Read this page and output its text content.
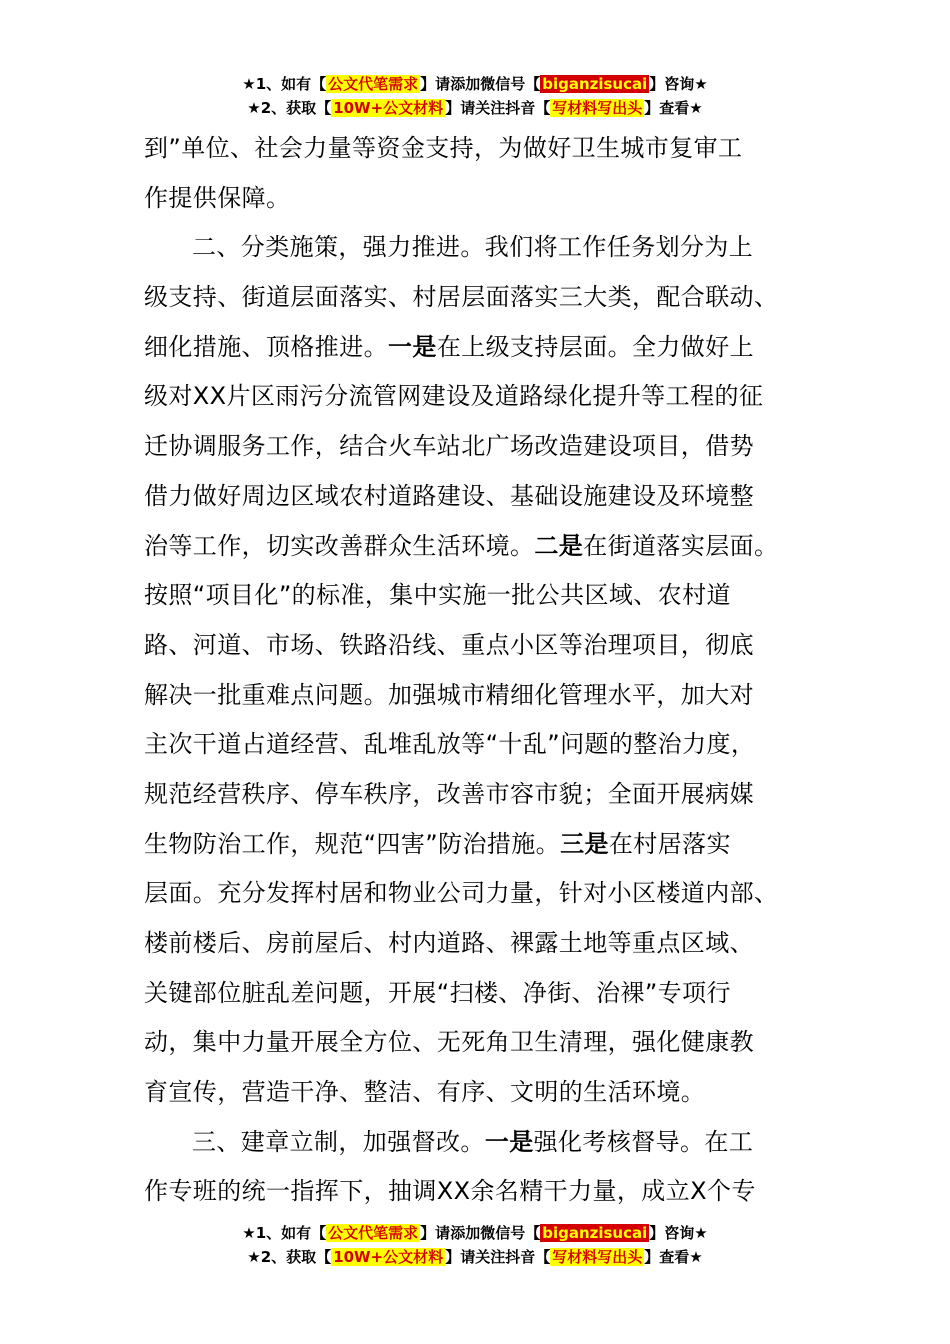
★1、如有【 公文代笔需求 】请添加微信号【 biganzisucai 】咨询★
★2、获取【 10W+公文材料 】请关注抖音【 写材料写出头 】查看★
到”单位、社会力量等资金支持，为做好卫生城市复审工
作提供保障。
二、分类施策，强力推进。我们将工作任务划分为上
级支持、街道层面落实、村居层面落实三大类，配合联动、
细化措施、顶格推进。一是在上级支持层面。全力做好上
级对XX片区雨污分流管网建设及道路绿化提升等工程的征
迁协调服务工作，结合火车站北广场改造建设项目，借势
借力做好周边区域农村道路建设、基础设施建设及环境整
治等工作，切实改善群众生活环境。二是在街道落实层面。
按照“项目化”的标准，集中实施一批公共区域、农村道
路、河道、市场、铁路沿线、重点小区等治理项目，彻底
解决一批重难点问题。加强城市精细化管理水平，加大对
主次干道占道经营、乱堆乱放等“十乱”问题的整治力度，
规范经营秩序、停车秩序，改善市容市貌；全面开展病媒
生物防治工作，规范“四害”防治措施。三是在村居落实
层面。充分发挥村居和物业公司力量，针对小区楼道内部、
楼前楼后、房前屋后、村内道路、裸露土地等重点区域、
关键部位脏乱差问题，开展“扫楼、净街、治裸”专项行
动，集中力量开展全方位、无死角卫生清理，强化健康教
育宣传，营造干净、整洁、有序、文明的生活环境。
三、建章立制，加强督改。一是强化考核督导。在工
作专班的统一指挥下，抽调XX余名精干力量，成立X个专
★1、如有【 公文代笔需求 】请添加微信号【 biganzisucai 】咨询★
★2、获取【 10W+公文材料 】请关注抖音【 写材料写出头 】查看★
